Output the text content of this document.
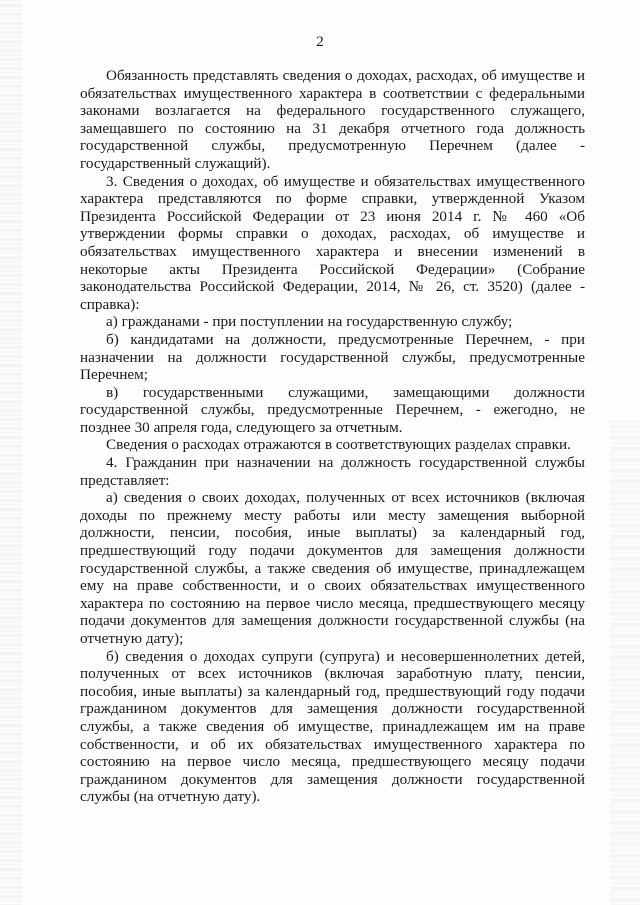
2

Обязанность представлять сведения о доходах, расходах, об имуществе и обязательствах имущественного характера в соответствии с федеральными законами возлагается на федерального государственного служащего, замещавшего по состоянию на 31 декабря отчетного года должность государственной службы, предусмотренную Перечнем (далее - государственный служащий).

3. Сведения о доходах, об имуществе и обязательствах имущественного характера представляются по форме справки, утвержденной Указом Президента Российской Федерации от 23 июня 2014 г. № 460 «Об утверждении формы справки о доходах, расходах, об имуществе и обязательствах имущественного характера и внесении изменений в некоторые акты Президента Российской Федерации» (Собрание законодательства Российской Федерации, 2014, № 26, ст. 3520) (далее - справка):

а) гражданами - при поступлении на государственную службу;

б) кандидатами на должности, предусмотренные Перечнем, - при назначении на должности государственной службы, предусмотренные Перечнем;

в) государственными служащими, замещающими должности государственной службы, предусмотренные Перечнем, - ежегодно, не позднее 30 апреля года, следующего за отчетным.

Сведения о расходах отражаются в соответствующих разделах справки.

4. Гражданин при назначении на должность государственной службы представляет:

а) сведения о своих доходах, полученных от всех источников (включая доходы по прежнему месту работы или месту замещения выборной должности, пенсии, пособия, иные выплаты) за календарный год, предшествующий году подачи документов для замещения должности государственной службы, а также сведения об имуществе, принадлежащем ему на праве собственности, и о своих обязательствах имущественного характера по состоянию на первое число месяца, предшествующего месяцу подачи документов для замещения должности государственной службы (на отчетную дату);

б) сведения о доходах супруги (супруга) и несовершеннолетних детей, полученных от всех источников (включая заработную плату, пенсии, пособия, иные выплаты) за календарный год, предшествующий году подачи гражданином документов для замещения должности государственной службы, а также сведения об имуществе, принадлежащем им на праве собственности, и об их обязательствах имущественного характера по состоянию на первое число месяца, предшествующего месяцу подачи гражданином документов для замещения должности государственной службы (на отчетную дату).
